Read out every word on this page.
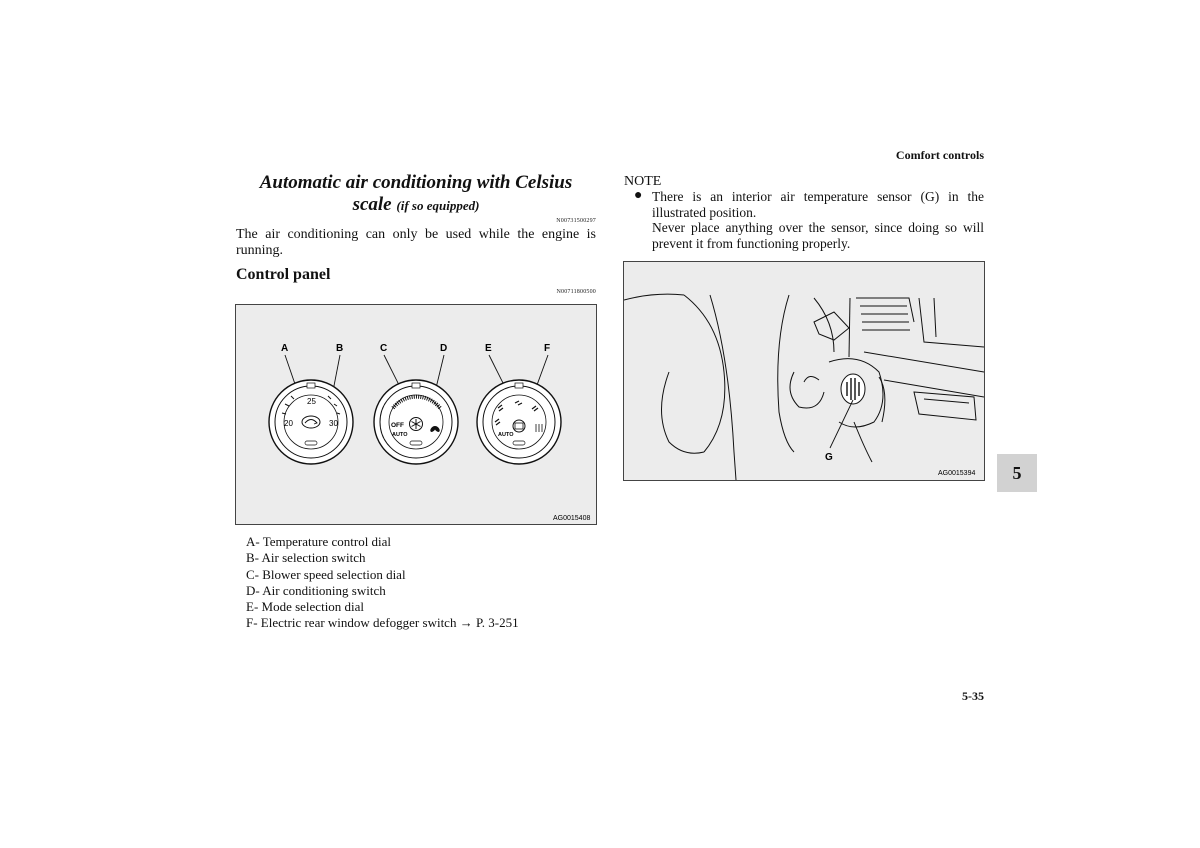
Comfort controls
5
Automatic air conditioning with Celsius
scale (if so equipped)
N00731500297
The air conditioning can only be used while the engine is running.
Control panel
N00711800500
A	B	C	D	E	F
20
25
30	OFF
AUTO	AUTO
AG0015408
A- Temperature control dial
B- Air selection switch
C- Blower speed selection dial
D- Air conditioning switch
E- Mode selection dial
F- Electric rear window defogger switch → P. 3-251
NOTE
● There is an interior air temperature sensor (G) in the illustrated position.
Never place anything over the sensor, since doing so will prevent it from functioning properly.
G
AG0015394
5-35
